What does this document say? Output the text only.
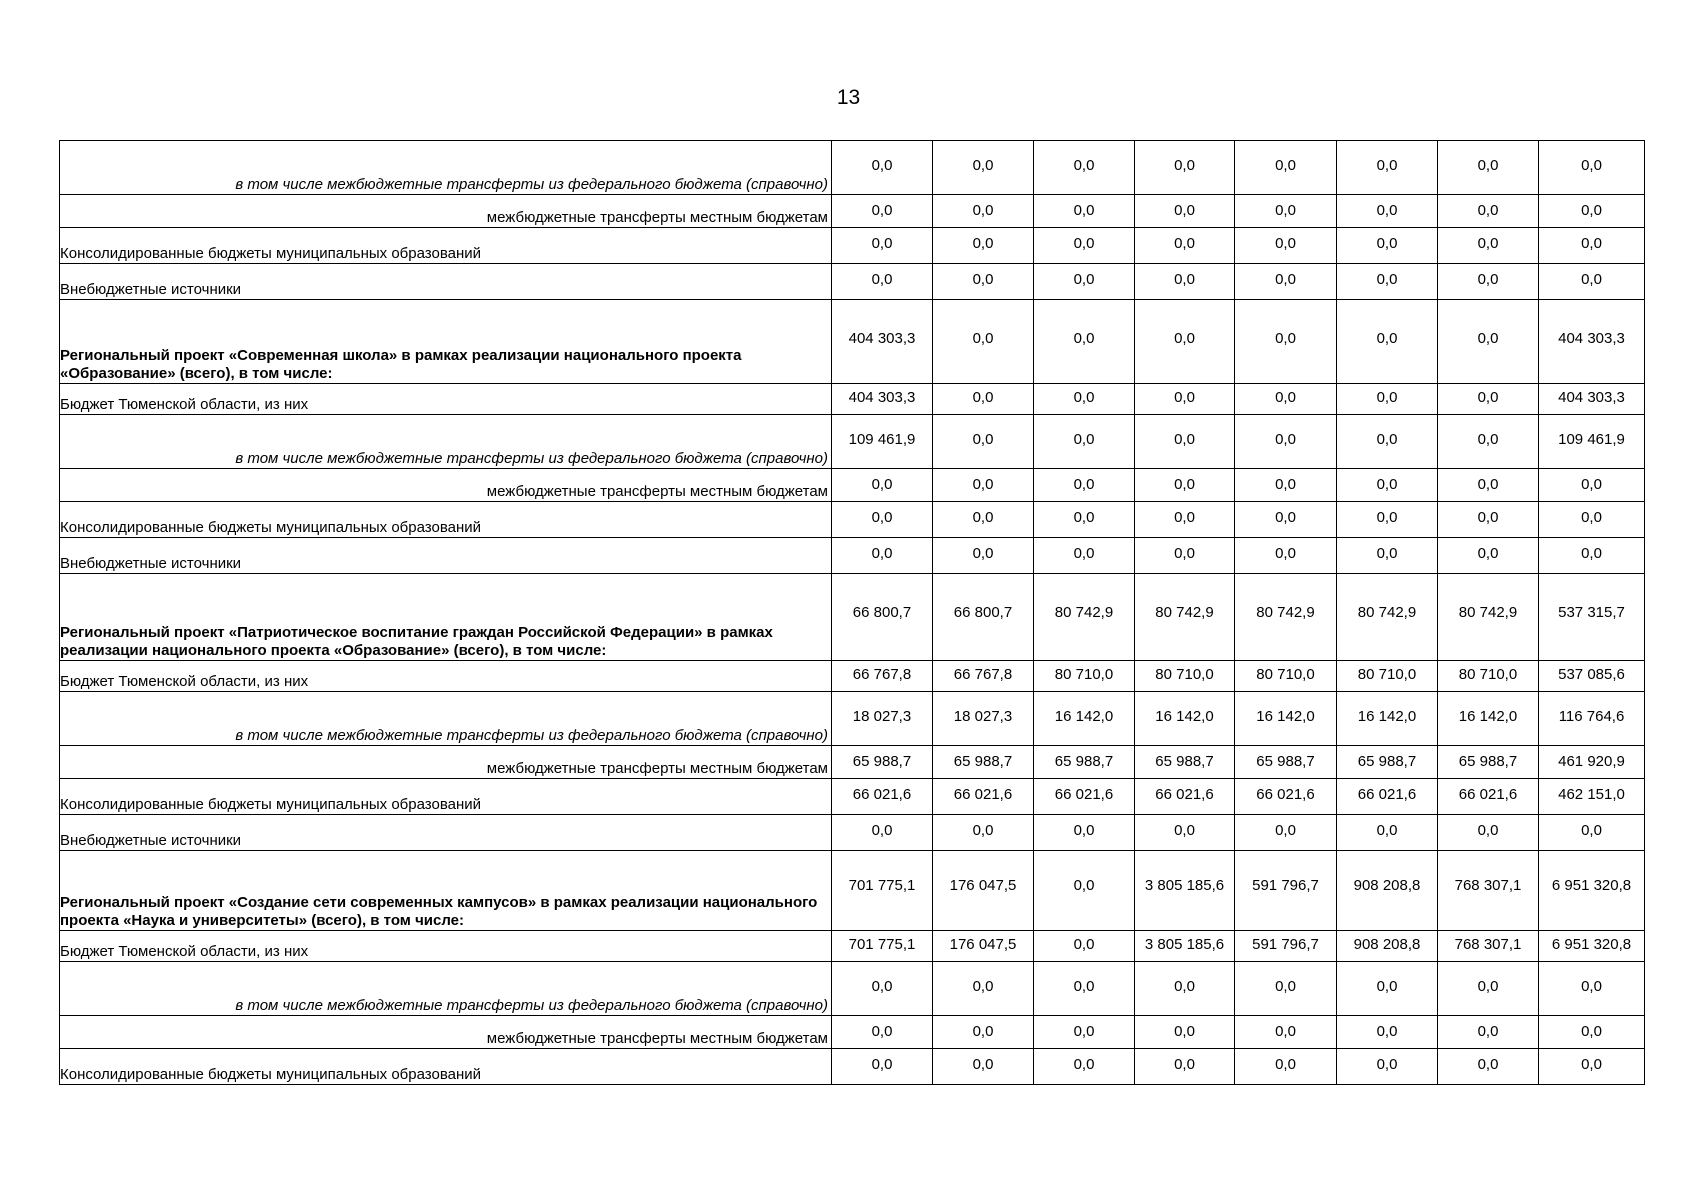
13
в том числе межбюджетные трансферты из федерального бюджета (справочно)	0,0	0,0	0,0	0,0	0,0	0,0	0,0	0,0
межбюджетные трансферты местным бюджетам	0,0	0,0	0,0	0,0	0,0	0,0	0,0	0,0
Консолидированные бюджеты муниципальных образований	0,0	0,0	0,0	0,0	0,0	0,0	0,0	0,0
Внебюджетные источники	0,0	0,0	0,0	0,0	0,0	0,0	0,0	0,0
Региональный проект «Современная школа» в рамках реализации национального проекта «Образование» (всего), в том числе:	404 303,3	0,0	0,0	0,0	0,0	0,0	0,0	404 303,3
Бюджет Тюменской области, из них	404 303,3	0,0	0,0	0,0	0,0	0,0	0,0	404 303,3
в том числе межбюджетные трансферты из федерального бюджета (справочно)	109 461,9	0,0	0,0	0,0	0,0	0,0	0,0	109 461,9
межбюджетные трансферты местным бюджетам	0,0	0,0	0,0	0,0	0,0	0,0	0,0	0,0
Консолидированные бюджеты муниципальных образований	0,0	0,0	0,0	0,0	0,0	0,0	0,0	0,0
Внебюджетные источники	0,0	0,0	0,0	0,0	0,0	0,0	0,0	0,0
Региональный проект «Патриотическое воспитание граждан Российской Федерации» в рамках реализации национального проекта «Образование» (всего), в том числе:	66 800,7	66 800,7	80 742,9	80 742,9	80 742,9	80 742,9	80 742,9	537 315,7
Бюджет Тюменской области, из них	66 767,8	66 767,8	80 710,0	80 710,0	80 710,0	80 710,0	80 710,0	537 085,6
в том числе межбюджетные трансферты из федерального бюджета (справочно)	18 027,3	18 027,3	16 142,0	16 142,0	16 142,0	16 142,0	16 142,0	116 764,6
межбюджетные трансферты местным бюджетам	65 988,7	65 988,7	65 988,7	65 988,7	65 988,7	65 988,7	65 988,7	461 920,9
Консолидированные бюджеты муниципальных образований	66 021,6	66 021,6	66 021,6	66 021,6	66 021,6	66 021,6	66 021,6	462 151,0
Внебюджетные источники	0,0	0,0	0,0	0,0	0,0	0,0	0,0	0,0
Региональный проект «Создание сети современных кампусов» в рамках реализации национального проекта «Наука и университеты» (всего), в том числе:	701 775,1	176 047,5	0,0	3 805 185,6	591 796,7	908 208,8	768 307,1	6 951 320,8
Бюджет Тюменской области, из них	701 775,1	176 047,5	0,0	3 805 185,6	591 796,7	908 208,8	768 307,1	6 951 320,8
в том числе межбюджетные трансферты из федерального бюджета (справочно)	0,0	0,0	0,0	0,0	0,0	0,0	0,0	0,0
межбюджетные трансферты местным бюджетам	0,0	0,0	0,0	0,0	0,0	0,0	0,0	0,0
Консолидированные бюджеты муниципальных образований	0,0	0,0	0,0	0,0	0,0	0,0	0,0	0,0
